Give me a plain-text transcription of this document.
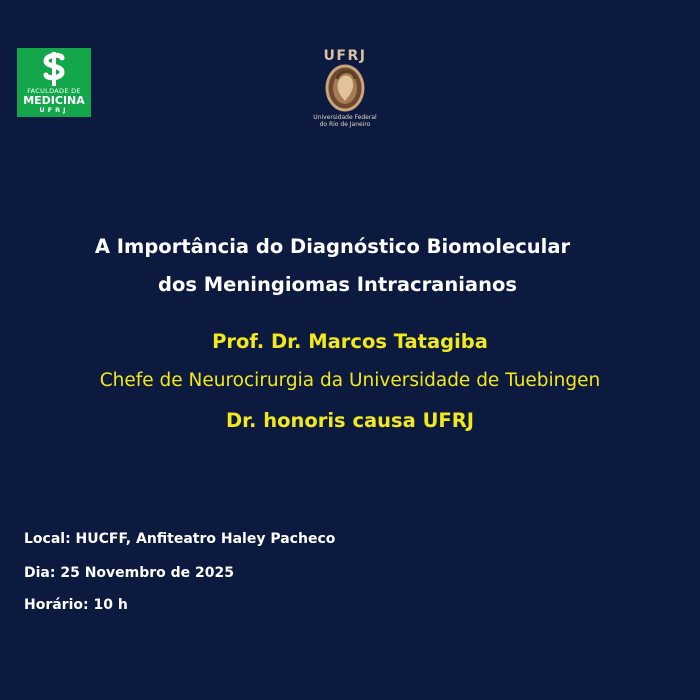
FACULDADE DE
MEDICINA
UFRJ
UFRJ
Universidade Federal
do Rio de Janeiro
A Importância do Diagnóstico Biomolecular
dos Meningiomas Intracranianos
Prof. Dr. Marcos Tatagiba
Chefe de Neurocirurgia da Universidade de Tuebingen
Dr. honoris causa UFRJ
Local: HUCFF, Anfiteatro Haley Pacheco
Dia: 25 Novembro de 2025
Horário: 10 h
